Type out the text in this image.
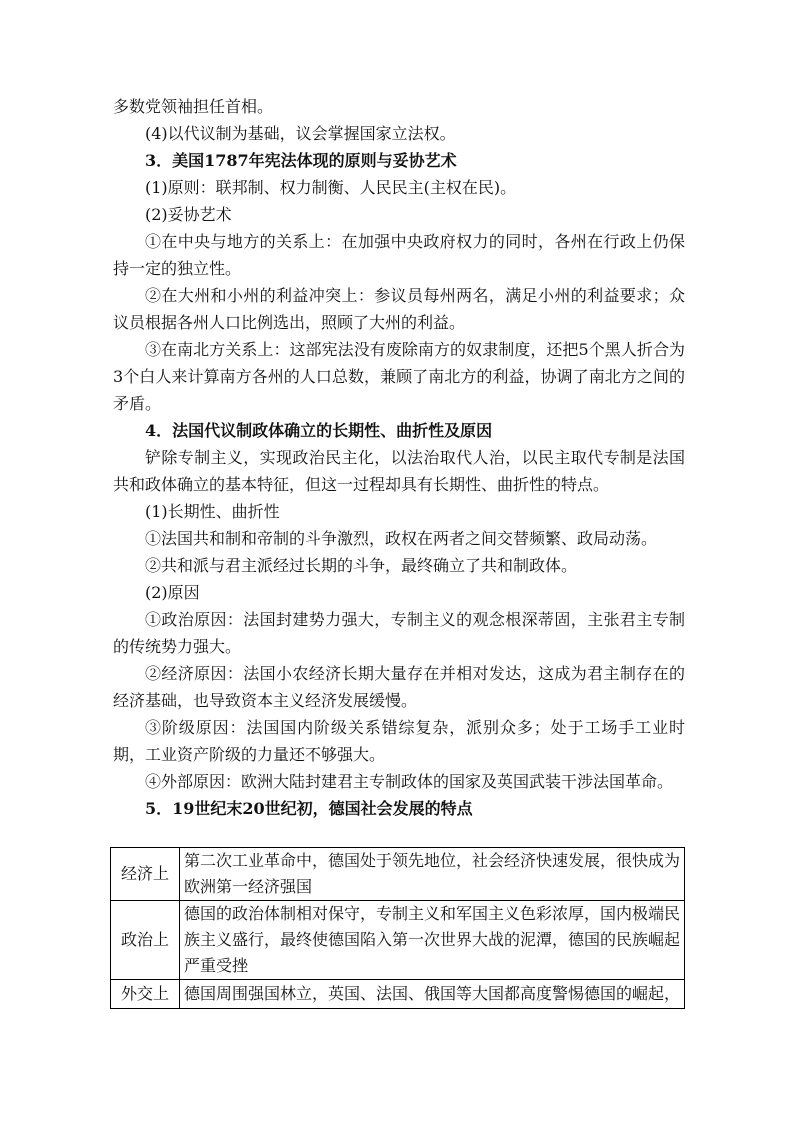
多数党领袖担任首相。

(4)以代议制为基础，议会掌握国家立法权。

3．美国1787年宪法体现的原则与妥协艺术

(1)原则：联邦制、权力制衡、人民民主(主权在民)。

(2)妥协艺术

①在中央与地方的关系上：在加强中央政府权力的同时，各州在行政上仍保持一定的独立性。

②在大州和小州的利益冲突上：参议员每州两名，满足小州的利益要求；众议员根据各州人口比例选出，照顾了大州的利益。

③在南北方关系上：这部宪法没有废除南方的奴隶制度，还把5个黑人折合为3个白人来计算南方各州的人口总数，兼顾了南北方的利益，协调了南北方之间的矛盾。

4．法国代议制政体确立的长期性、曲折性及原因

铲除专制主义，实现政治民主化，以法治取代人治，以民主取代专制是法国共和政体确立的基本特征，但这一过程却具有长期性、曲折性的特点。

(1)长期性、曲折性

①法国共和制和帝制的斗争激烈，政权在两者之间交替频繁、政局动荡。

②共和派与君主派经过长期的斗争，最终确立了共和制政体。

(2)原因

①政治原因：法国封建势力强大，专制主义的观念根深蒂固，主张君主专制的传统势力强大。

②经济原因：法国小农经济长期大量存在并相对发达，这成为君主制存在的经济基础，也导致资本主义经济发展缓慢。

③阶级原因：法国国内阶级关系错综复杂，派别众多；处于工场手工业时期，工业资产阶级的力量还不够强大。

④外部原因：欧洲大陆封建君主专制政体的国家及英国武装干涉法国革命。

5．19世纪末20世纪初，德国社会发展的特点

经济上	第二次工业革命中，德国处于领先地位，社会经济快速发展，很快成为欧洲第一经济强国
政治上	德国的政治体制相对保守，专制主义和军国主义色彩浓厚，国内极端民族主义盛行，最终使德国陷入第一次世界大战的泥潭，德国的民族崛起严重受挫
外交上	德国周围强国林立，英国、法国、俄国等大国都高度警惕德国的崛起，
